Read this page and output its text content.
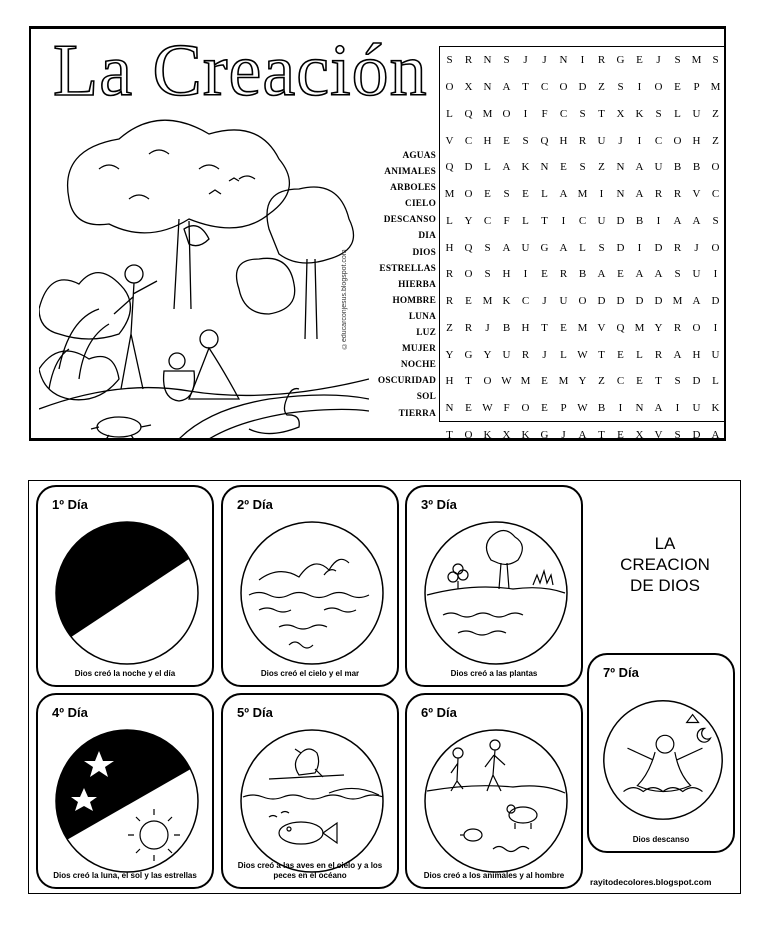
La Creación
©educarconjesus.blogspot.com
AGUAS
ANIMALES
ARBOLES
CIELO
DESCANSO
DIA
DIOS
ESTRELLAS
HIERBA
HOMBRE
LUNA
LUZ
MUJER
NOCHE
OSCURIDAD
SOL
TIERRA
S	R	N	S	J	J	N	I	R	G	E	J	S	M	S
O	X	N	A	T	C	O	D	Z	S	I	O	E	P	M
L	Q M O	I	F	C	S	T	X	K	S	L	U	Z
V	C	H	E	S	Q	H	R	U	J	I	C	O	H	Z
Q	D	L	A	K	N	E	S	Z	N	A	U	B	B	O
M O	E	S	E	L	A M	I	N	A	R	R	V	C
L	Y	C	F	L	T	I	C	U	D	B	I	A	A	S
H	Q	S	A	U	G	A	L	S	D	I	D	R	J	O
R	O	S	H	I	E	R	B	A	E	A	A	S	U	I
R	E M K	C	J	U	O	D	D	D	D M A	D
Z	R	J	B	H	T	E M V	Q M Y	R	O	I
Y	G	Y	U	R	J	L W T	E	L	R	A	H	U
H	T	O W M E M Y	Z	C	E	T	S	D	L
N	E W F	O	E	P W B	I	N	A	I	U	K
T	O	K	X	K	G	J	A	T	E	X	V	S	D	A
1º Día
Dios creó la noche y el día
2º Día
Dios creó el cielo y el mar
3º Día
Dios creó a las plantas
4º Día
Dios creó la luna, el sol y las estrellas
5º Día
Dios creó a las aves en el cielo y a los peces en el océano
6º Día
Dios creó a los animales y al hombre
LA
CREACION
DE DIOS
7º Día
Dios descanso
rayitodecolores.blogspot.com
